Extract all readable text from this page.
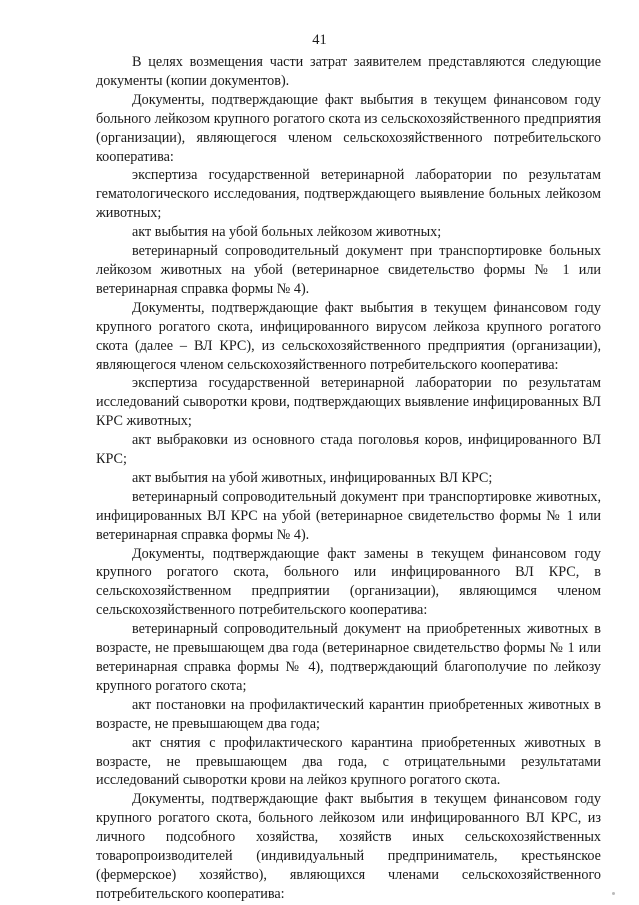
41

В целях возмещения части затрат заявителем представляются следующие документы (копии документов).

Документы, подтверждающие факт выбытия в текущем финансовом году больного лейкозом крупного рогатого скота из сельскохозяйственного предприятия (организации), являющегося членом сельскохозяйственного потребительского кооператива:

экспертиза государственной ветеринарной лаборатории по результатам гематологического исследования, подтверждающего выявление больных лейкозом животных;

акт выбытия на убой больных лейкозом животных;

ветеринарный сопроводительный документ при транспортировке больных лейкозом животных на убой (ветеринарное свидетельство формы № 1 или ветеринарная справка формы № 4).

Документы, подтверждающие факт выбытия в текущем финансовом году крупного рогатого скота, инфицированного вирусом лейкоза крупного рогатого скота (далее – ВЛ КРС), из сельскохозяйственного предприятия (организации), являющегося членом сельскохозяйственного потребительского кооператива:

экспертиза государственной ветеринарной лаборатории по результатам исследований сыворотки крови, подтверждающих выявление инфицированных ВЛ КРС животных;

акт выбраковки из основного стада поголовья коров, инфицированного ВЛ КРС;

акт выбытия на убой животных, инфицированных ВЛ КРС;

ветеринарный сопроводительный документ при транспортировке животных, инфицированных ВЛ КРС на убой (ветеринарное свидетельство формы № 1 или ветеринарная справка формы № 4).

Документы, подтверждающие факт замены в текущем финансовом году крупного рогатого скота, больного или инфицированного ВЛ КРС, в сельскохозяйственном предприятии (организации), являющимся членом сельскохозяйственного потребительского кооператива:

ветеринарный сопроводительный документ на приобретенных животных в возрасте, не превышающем два года (ветеринарное свидетельство формы № 1 или ветеринарная справка формы № 4), подтверждающий благополучие по лейкозу крупного рогатого скота;

акт постановки на профилактический карантин приобретенных животных в возрасте, не превышающем два года;

акт снятия с профилактического карантина приобретенных животных в возрасте, не превышающем два года, с отрицательными результатами исследований сыворотки крови на лейкоз крупного рогатого скота.

Документы, подтверждающие факт выбытия в текущем финансовом году крупного рогатого скота, больного лейкозом или инфицированного ВЛ КРС, из личного подсобного хозяйства, хозяйств иных сельскохозяйственных товаропроизводителей (индивидуальный предприниматель, крестьянское (фермерское) хозяйство), являющихся членами сельскохозяйственного потребительского кооператива:
